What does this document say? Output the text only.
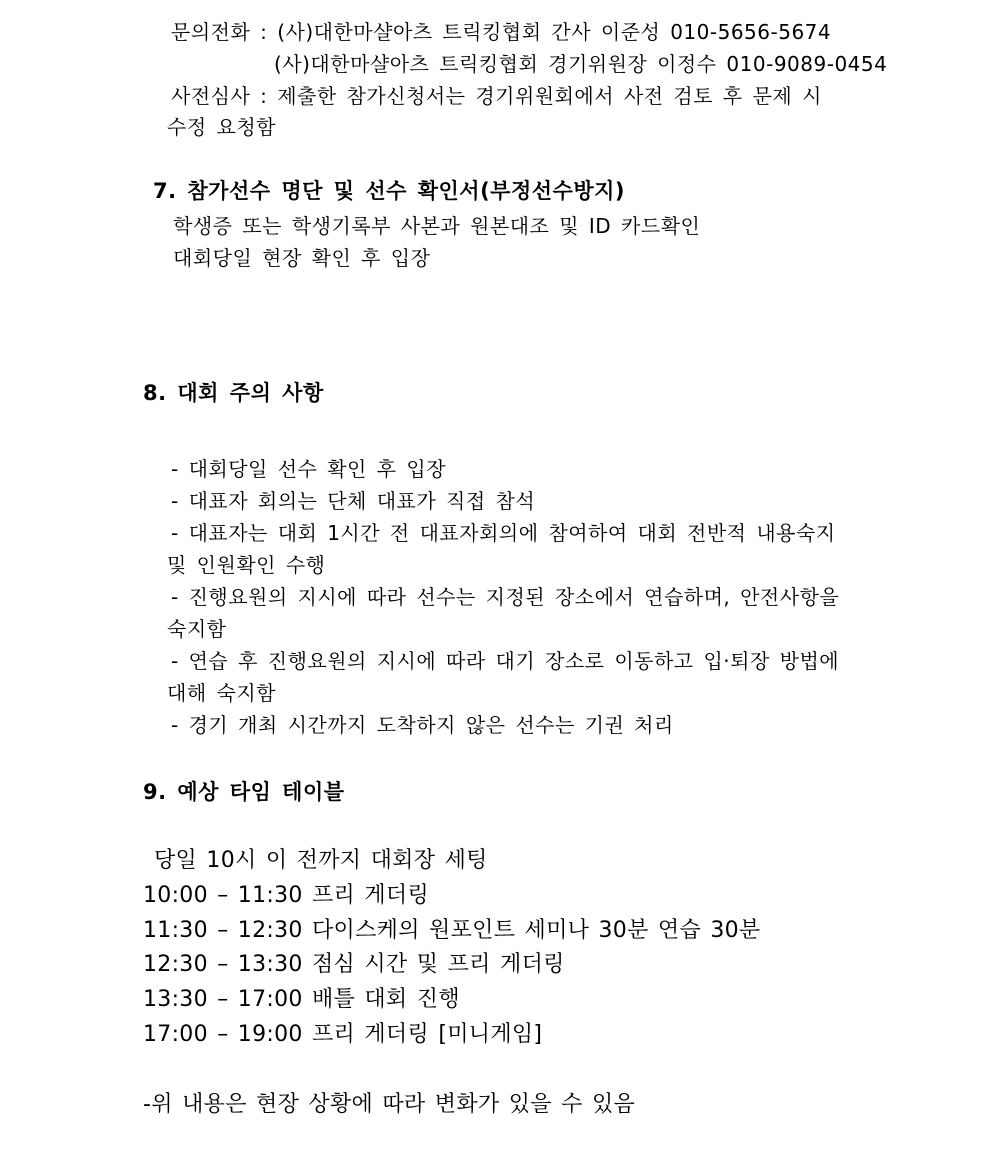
문의전화 : (사)대한마샬아츠 트릭킹협회 간사 이준성 010-5656-5674
(사)대한마샬아츠 트릭킹협회 경기위원장 이정수 010-9089-0454
사전심사 : 제출한 참가신청서는 경기위원회에서 사전 검토 후 문제 시
수정 요청함
7. 참가선수 명단 및 선수 확인서(부정선수방지)
학생증 또는 학생기록부 사본과 원본대조 및 ID 카드확인
대회당일 현장 확인 후 입장
8. 대회 주의 사항
- 대회당일 선수 확인 후 입장
- 대표자 회의는 단체 대표가 직접 참석
- 대표자는 대회 1시간 전 대표자회의에 참여하여 대회 전반적 내용숙지
및 인원확인 수행
- 진행요원의 지시에 따라 선수는 지정된 장소에서 연습하며, 안전사항을
숙지함
- 연습 후 진행요원의 지시에 따라 대기 장소로 이동하고 입·퇴장 방법에
대해 숙지함
- 경기 개최 시간까지 도착하지 않은 선수는 기권 처리
9. 예상 타임 테이블
당일 10시 이 전까지 대회장 세팅
10:00 – 11:30 프리 게더링
11:30 – 12:30 다이스케의 원포인트 세미나 30분 연습 30분
12:30 – 13:30 점심 시간 및 프리 게더링
13:30 – 17:00 배틀 대회 진행
17:00 – 19:00 프리 게더링 [미니게임]
-위 내용은 현장 상황에 따라 변화가 있을 수 있음
